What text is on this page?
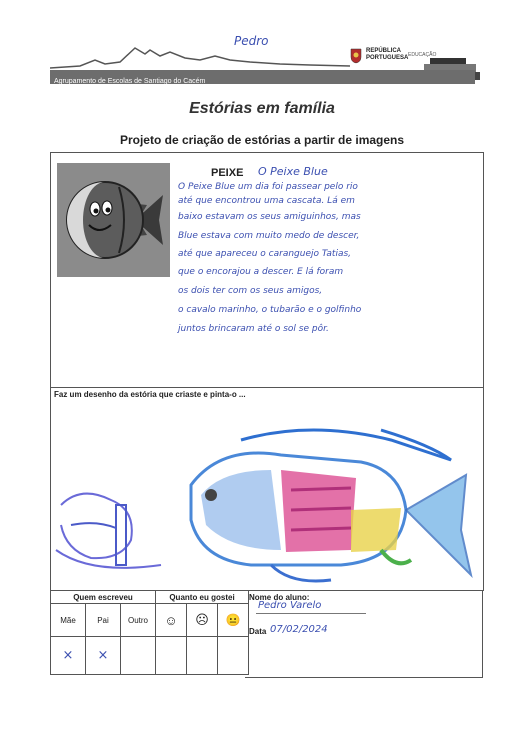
Pedro
REPÚBLICA
PORTUGUESA EDUCAÇÃO
Agrupamento de Escolas de Santiago do Cacém
Estórias em família
Projeto de criação de estórias a partir de imagens
PEIXE O Peixe Blue
O Peixe Blue um dia foi passear pelo rio
até que encontrou uma cascata. Lá em
baixo estavam os seus amiguinhos, mas
Blue estava com muito medo de descer,
até que apareceu o caranguejo Tatias,
que o encorajou a descer. E lá foram
os dois ter com os seus amigos,
o cavalo marinho, o tubarão e o golfinho
juntos brincaram até o sol se pôr.
Faz um desenho da estória que criaste e pinta-o ...
Quem escreveu			Quanto eu gostei		
Mãe	Pai	Outro	☺	☹	😐
×	×				
Nome do aluno:
Pedro Varelo
Data 07/02/2024
